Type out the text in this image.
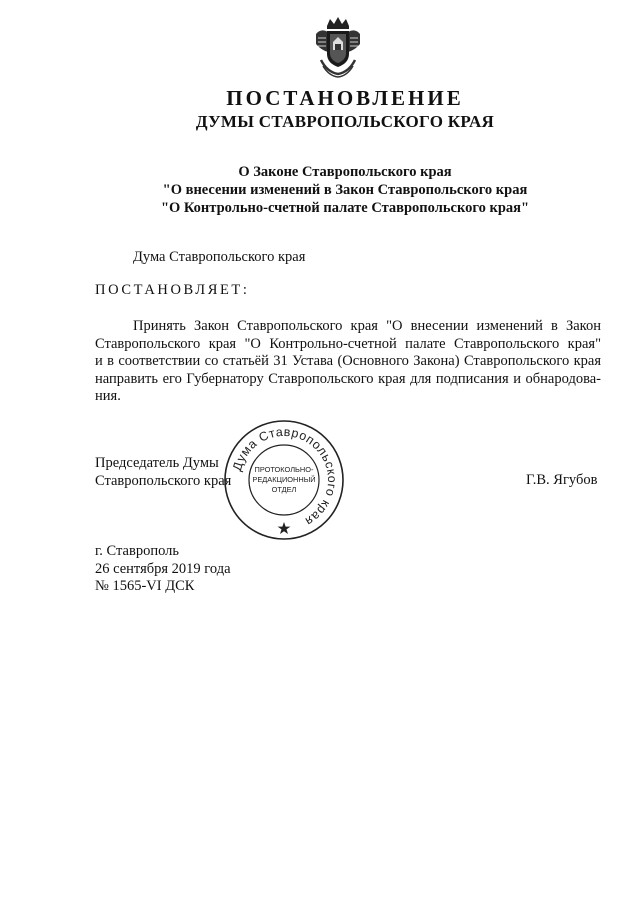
ПОСТАНОВЛЕНИЕ
ДУМЫ СТАВРОПОЛЬСКОГО КРАЯ
О Законе Ставропольского края
"О внесении изменений в Закон Ставропольского края
"О Контрольно-счетной палате Ставропольского края"
Дума Ставропольского края
ПОСТАНОВЛЯЕТ:
Принять Закон Ставропольского края "О внесении изменений в Закон
Ставропольского края "О Контрольно-счетной палате Ставропольского края"
и в соответствии со статьёй 31 Устава (Основного Закона) Ставропольского края
направить его Губернатору Ставропольского края для подписания и обнародова-
ния.
Председатель Думы
Ставропольского края
Дума Ставропольского края
ПРОТОКОЛЬНО-
РЕДАКЦИОННЫЙ
ОТДЕЛ
Г.В. Ягубов
г. Ставрополь
26 сентября 2019 года
№ 1565-VI ДСК
